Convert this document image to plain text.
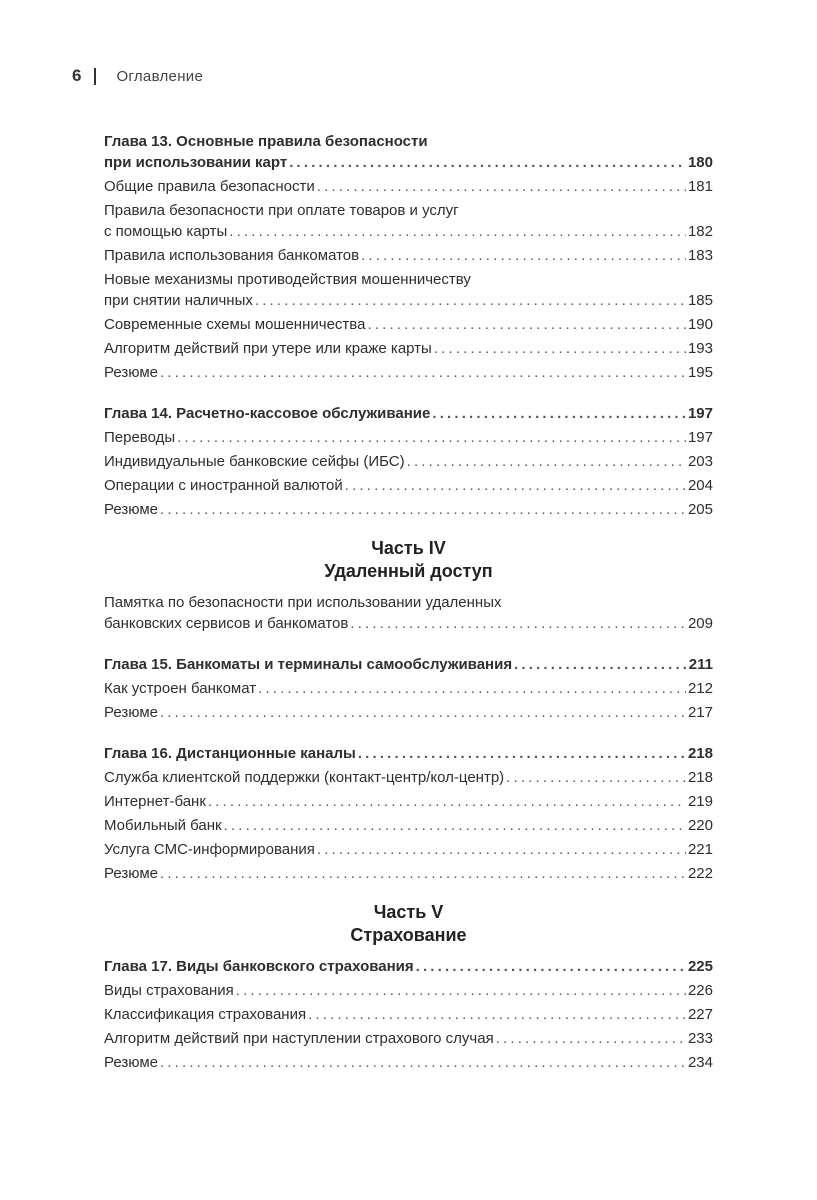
6 Оглавление
Глава 13. Основные правила безопасности
при использовании карт . . .	180
Общие правила безопасности . . .	181
Правила безопасности при оплате товаров и услуг
с помощью карты . . .	182
Правила использования банкоматов . . .	183
Новые механизмы противодействия мошенничеству
при снятии наличных . . .	185
Современные схемы мошенничества . . .	190
Алгоритм действий при утере или краже карты . . .	193
Резюме . . .	195
Глава 14. Расчетно-кассовое обслуживание . . .	197
Переводы . . .	197
Индивидуальные банковские сейфы (ИБС) . . .	203
Операции с иностранной валютой . . .	204
Резюме . . .	205
Часть IV
Удаленный доступ
Памятка по безопасности при использовании удаленных
банковских сервисов и банкоматов . . .	209
Глава 15. Банкоматы и терминалы самообслуживания . . .	211
Как устроен банкомат . . .	212
Резюме . . .	217
Глава 16. Дистанционные каналы . . .	218
Служба клиентской поддержки (контакт-центр/кол-центр) . . .	218
Интернет-банк . . .	219
Мобильный банк . . .	220
Услуга СМС-информирования . . .	221
Резюме . . .	222
Часть V
Страхование
Глава 17. Виды банковского страхования . . .	225
Виды страхования . . .	226
Классификация страхования . . .	227
Алгоритм действий при наступлении страхового случая . . .	233
Резюме . . .	234
